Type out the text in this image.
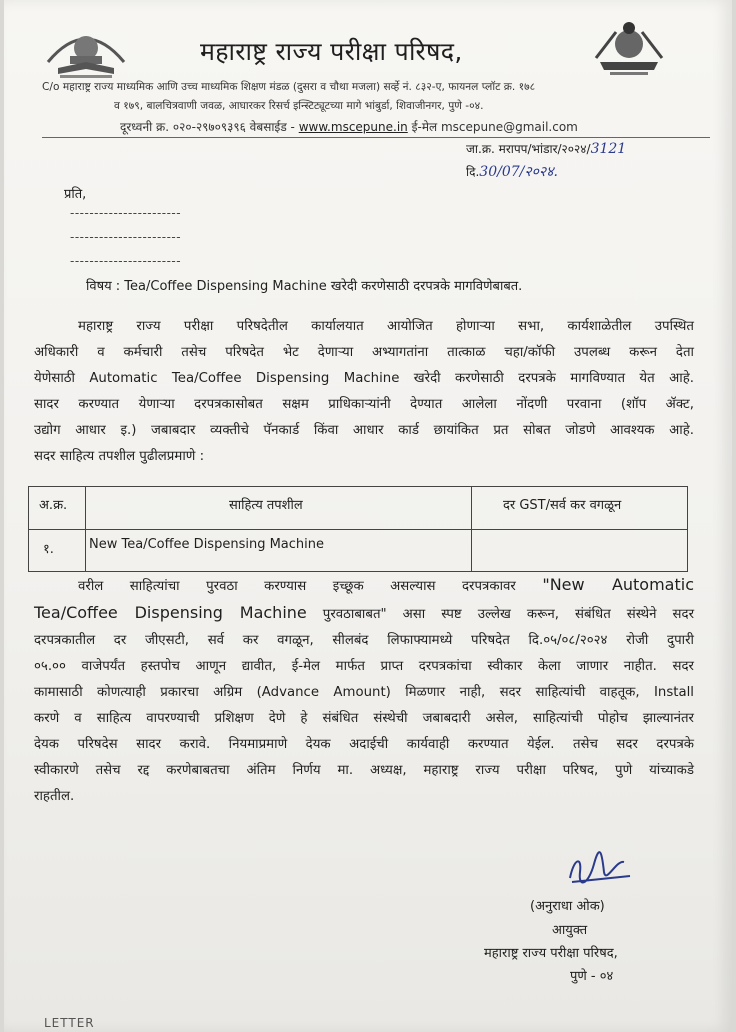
महाराष्ट्र राज्य परीक्षा परिषद,
C/o महाराष्ट्र राज्य माध्यमिक आणि उच्च माध्यमिक शिक्षण मंडळ (दुसरा व चौथा मजला) सर्व्हे नं. ८३२-ए, फायनल प्लॉट क्र. १७८
व १७९, बालचित्रवाणी जवळ, आघारकर रिसर्च इन्स्टिट्यूटच्या मागे भांबुर्डा, शिवाजीनगर, पुणे -०४.
दूरध्वनी क्र. ०२०-२९७०९३९६ वेबसाईड - www.mscepune.in ई-मेल mscepune@gmail.com
जा.क्र. मरापप/भांडार/२०२४/3121
दि.30/07/२०२४.
प्रति,
-----------------------
-----------------------
-----------------------
विषय : Tea/Coffee Dispensing Machine खरेदी करणेसाठी दरपत्रके मागविणेबाबत.
महाराष्ट्र राज्य परीक्षा परिषदेतील कार्यालयात आयोजित होणाऱ्या सभा, कार्यशाळेतील उपस्थित
अधिकारी व कर्मचारी तसेच परिषदेत भेट देणाऱ्या अभ्यागतांना तात्काळ चहा/कॉफी उपलब्ध करून देता
येणेसाठी Automatic Tea/Coffee Dispensing Machine खरेदी करणेसाठी दरपत्रके मागविण्यात येत आहे.
सादर करण्यात येणाऱ्या दरपत्रकासोबत सक्षम प्राधिकाऱ्यांनी देण्यात आलेला नोंदणी परवाना (शॉप ॲक्ट,
उद्योग आधार इ.) जबाबदार व्यक्तीचे पॅनकार्ड किंवा आधार कार्ड छायांकित प्रत सोबत जोडणे आवश्यक आहे.
सदर साहित्य तपशील पुढीलप्रमाणे :
अ.क्र.	साहित्य तपशील	दर GST/सर्व कर वगळून
१.	New Tea/Coffee Dispensing Machine
वरील साहित्यांचा पुरवठा करण्यास इच्छूक असल्यास दरपत्रकावर "New Automatic
Tea/Coffee Dispensing Machine पुरवठाबाबत" असा स्पष्ट उल्लेख करून, संबंधित संस्थेने सदर
दरपत्रकातील दर जीएसटी, सर्व कर वगळून, सीलबंद लिफाफ्यामध्ये परिषदेत दि.०५/०८/२०२४ रोजी दुपारी
०५.०० वाजेपर्यंत हस्तपोच आणून द्यावीत, ई-मेल मार्फत प्राप्त दरपत्रकांचा स्वीकार केला जाणार नाहीत. सदर
कामासाठी कोणत्याही प्रकारचा अग्रिम (Advance Amount) मिळणार नाही, सदर साहित्यांची वाहतूक, Install
करणे व साहित्य वापरण्याची प्रशिक्षण देणे हे संबंधित संस्थेची जबाबदारी असेल, साहित्यांची पोहोच झाल्यानंतर
देयक परिषदेस सादर करावे. नियमाप्रमाणे देयक अदाईची कार्यवाही करण्यात येईल. तसेच सदर दरपत्रके
स्वीकारणे तसेच रद्द करणेबाबतचा अंतिम निर्णय मा. अध्यक्ष, महाराष्ट्र राज्य परीक्षा परिषद, पुणे यांच्याकडे
राहतील.
(अनुराधा ओक)
आयुक्त
महाराष्ट्र राज्य परीक्षा परिषद,
पुणे - ०४
LETTER
